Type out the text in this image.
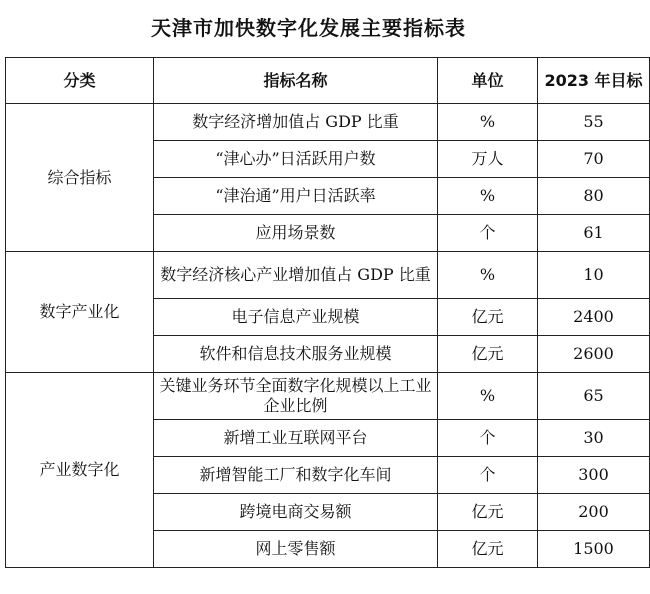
天津市加快数字化发展主要指标表
分类	指标名称	单位	2023 年目标
综合指标	数字经济增加值占 GDP 比重	%	55
	“津心办”日活跃用户数	万人	70
	“津治通”用户日活跃率	%	80
	应用场景数	个	61
数字产业化	数字经济核心产业增加值占 GDP 比重	%	10
	电子信息产业规模	亿元	2400
	软件和信息技术服务业规模	亿元	2600
产业数字化	关键业务环节全面数字化规模以上工业企业比例	%	65
	新增工业互联网平台	个	30
	新增智能工厂和数字化车间	个	300
	跨境电商交易额	亿元	200
	网上零售额	亿元	1500
